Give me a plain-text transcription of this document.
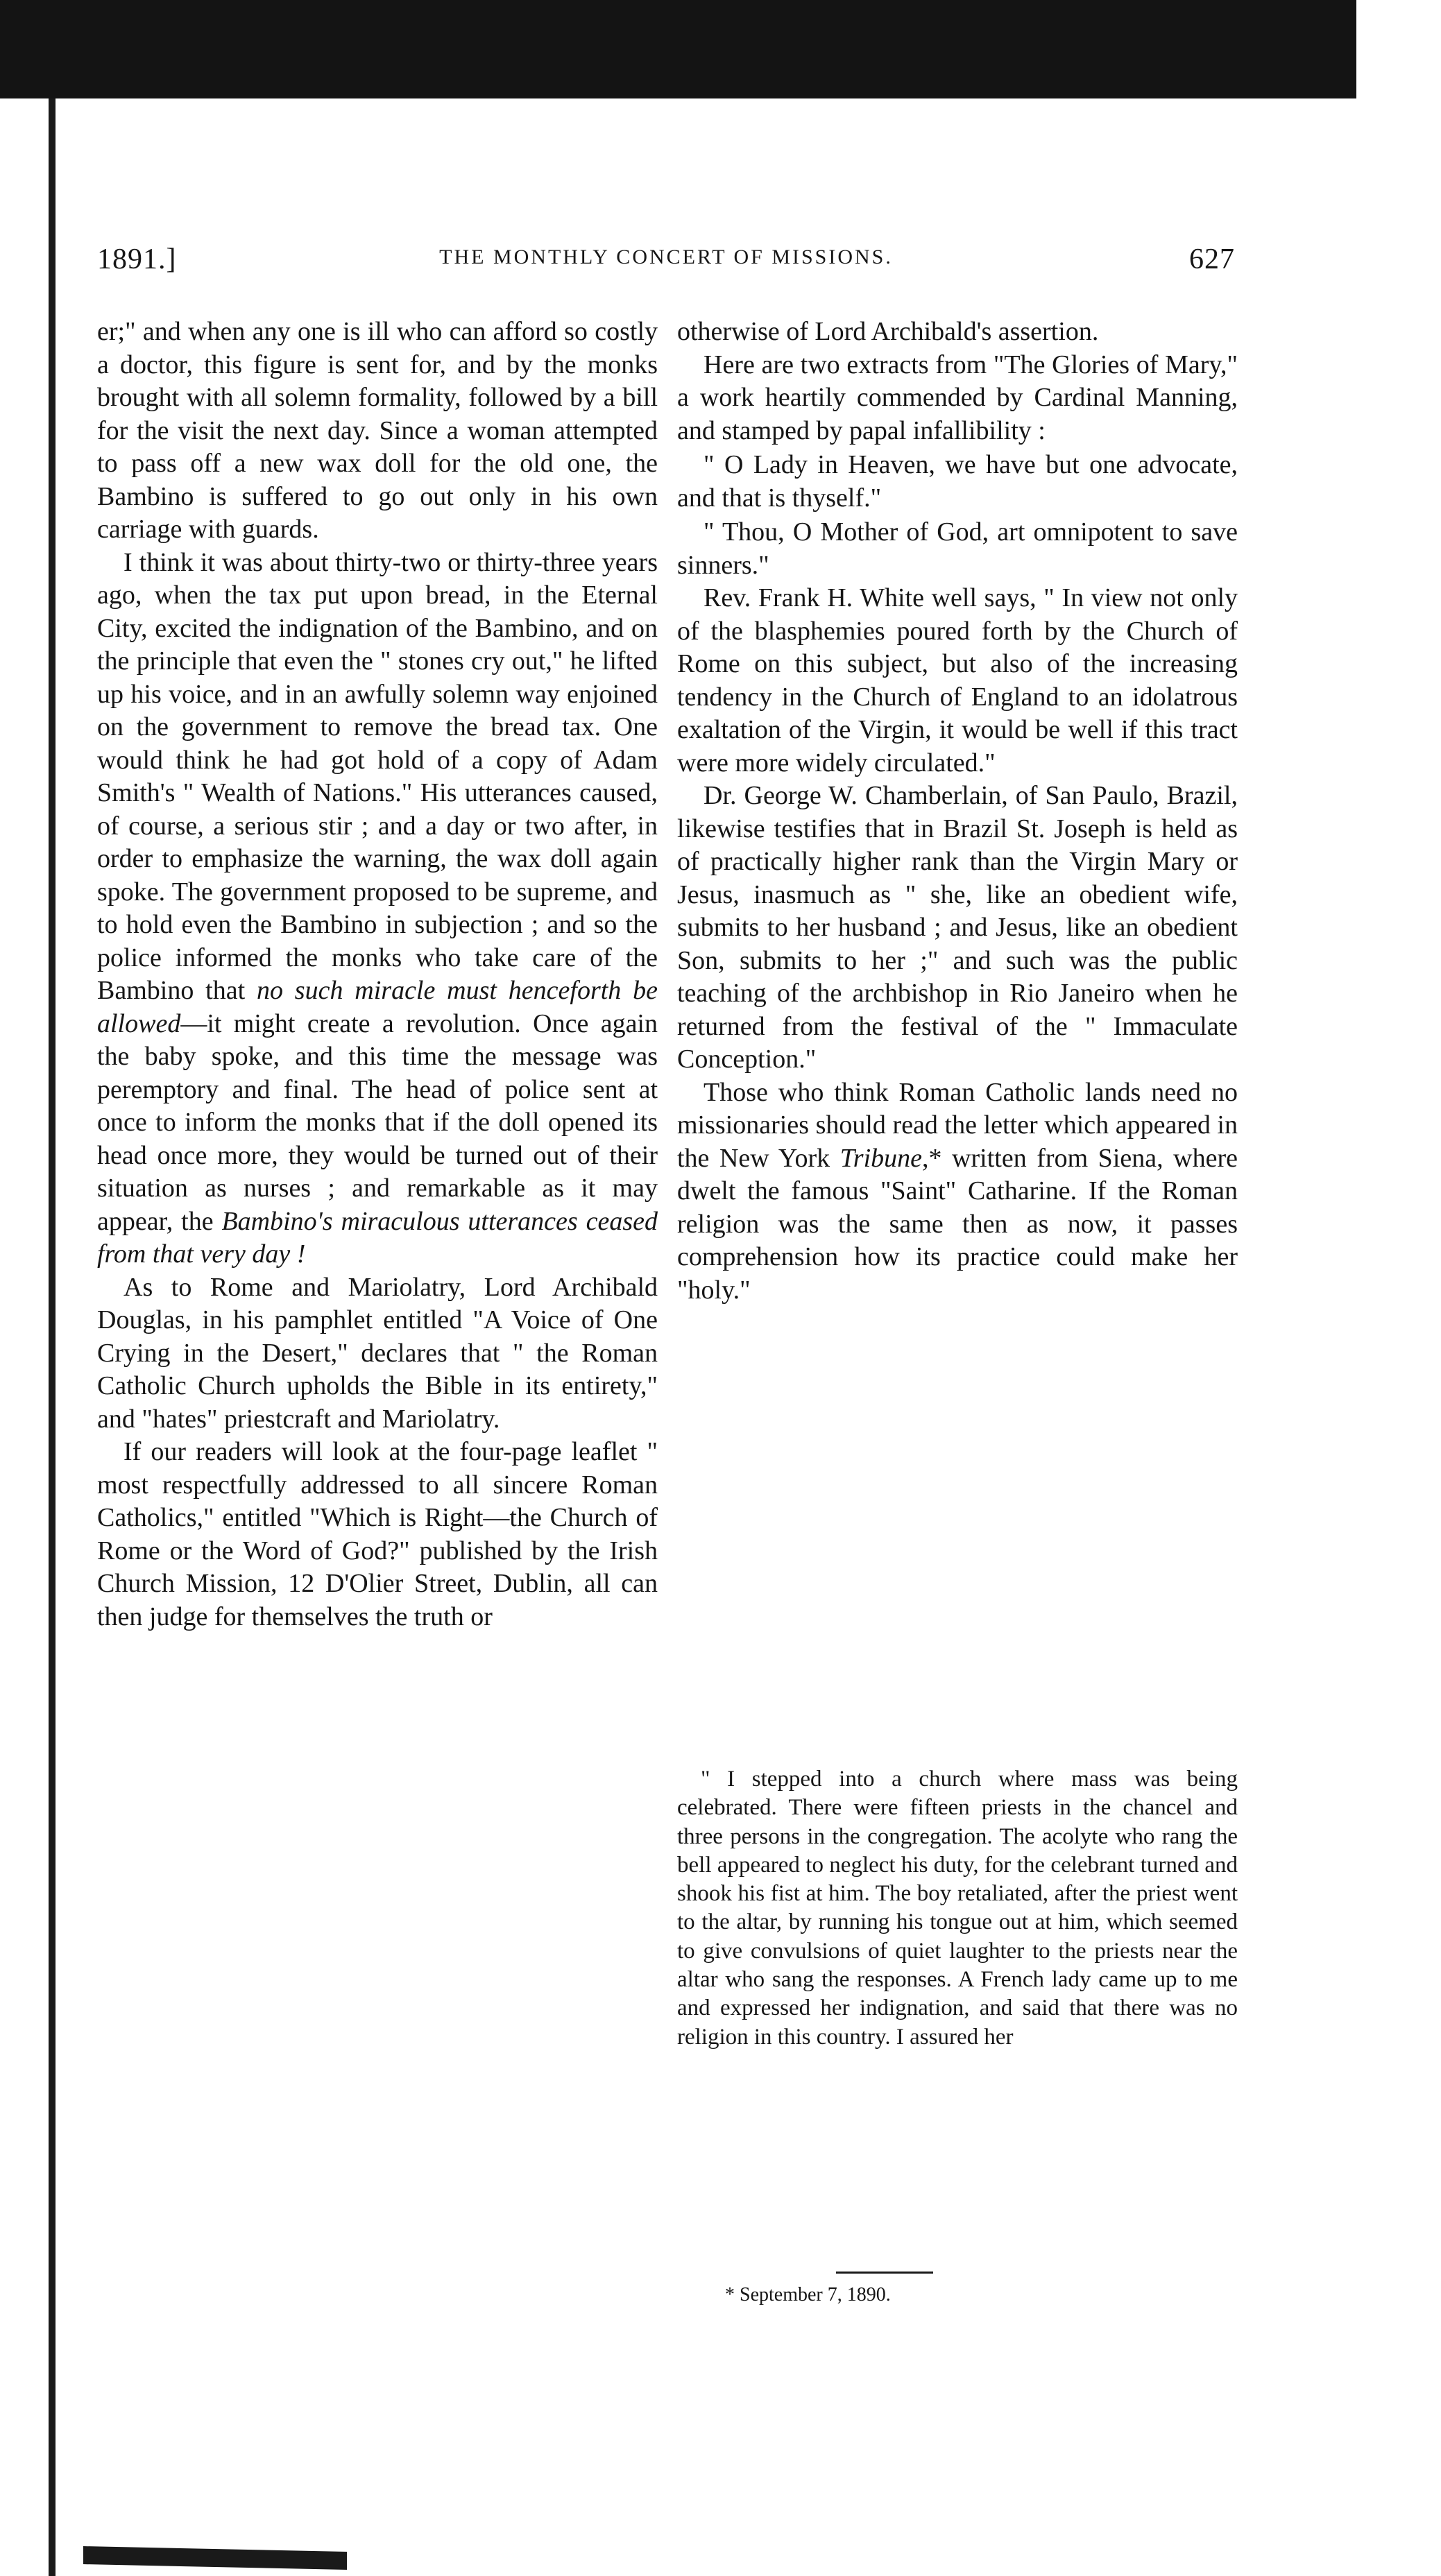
1891.]	THE MONTHLY CONCERT OF MISSIONS.	627

er;" and when any one is ill who can afford so costly a doctor, this figure is sent for, and by the monks brought with all solemn formality, followed by a bill for the visit the next day. Since a woman attempted to pass off a new wax doll for the old one, the Bambino is suffered to go out only in his own carriage with guards.

I think it was about thirty-two or thirty-three years ago, when the tax put upon bread, in the Eternal City, excited the indignation of the Bambino, and on the principle that even the " stones cry out," he lifted up his voice, and in an awfully solemn way enjoined on the government to remove the bread tax. One would think he had got hold of a copy of Adam Smith's " Wealth of Nations." His utterances caused, of course, a serious stir ; and a day or two after, in order to emphasize the warning, the wax doll again spoke. The government proposed to be supreme, and to hold even the Bambino in subjection ; and so the police informed the monks who take care of the Bambino that no such miracle must henceforth be allowed—it might create a revolution. Once again the baby spoke, and this time the message was peremptory and final. The head of police sent at once to inform the monks that if the doll opened its head once more, they would be turned out of their situation as nurses ; and remarkable as it may appear, the Bambino's miraculous utterances ceased from that very day !

As to Rome and Mariolatry, Lord Archibald Douglas, in his pamphlet entitled "A Voice of One Crying in the Desert," declares that " the Roman Catholic Church upholds the Bible in its entirety," and "hates" priestcraft and Mariolatry.

If our readers will look at the four-page leaflet " most respectfully addressed to all sincere Roman Catholics," entitled "Which is Right—the Church of Rome or the Word of God?" published by the Irish Church Mission, 12 D'Olier Street, Dublin, all can then judge for themselves the truth or

otherwise of Lord Archibald's assertion.

Here are two extracts from "The Glories of Mary," a work heartily commended by Cardinal Manning, and stamped by papal infallibility :

" O Lady in Heaven, we have but one advocate, and that is thyself."

" Thou, O Mother of God, art omnipotent to save sinners."

Rev. Frank H. White well says, " In view not only of the blasphemies poured forth by the Church of Rome on this subject, but also of the increasing tendency in the Church of England to an idolatrous exaltation of the Virgin, it would be well if this tract were more widely circulated."

Dr. George W. Chamberlain, of San Paulo, Brazil, likewise testifies that in Brazil St. Joseph is held as of practically higher rank than the Virgin Mary or Jesus, inasmuch as " she, like an obedient wife, submits to her husband ; and Jesus, like an obedient Son, submits to her ;" and such was the public teaching of the archbishop in Rio Janeiro when he returned from the festival of the " Immaculate Conception."

Those who think Roman Catholic lands need no missionaries should read the letter which appeared in the New York Tribune,* written from Siena, where dwelt the famous "Saint" Catharine. If the Roman religion was the same then as now, it passes comprehension how its practice could make her "holy."

" I stepped into a church where mass was being celebrated. There were fifteen priests in the chancel and three persons in the congregation. The acolyte who rang the bell appeared to neglect his duty, for the celebrant turned and shook his fist at him. The boy retaliated, after the priest went to the altar, by running his tongue out at him, which seemed to give convulsions of quiet laughter to the priests near the altar who sang the responses. A French lady came up to me and expressed her indignation, and said that there was no religion in this country. I assured her

* September 7, 1890.
